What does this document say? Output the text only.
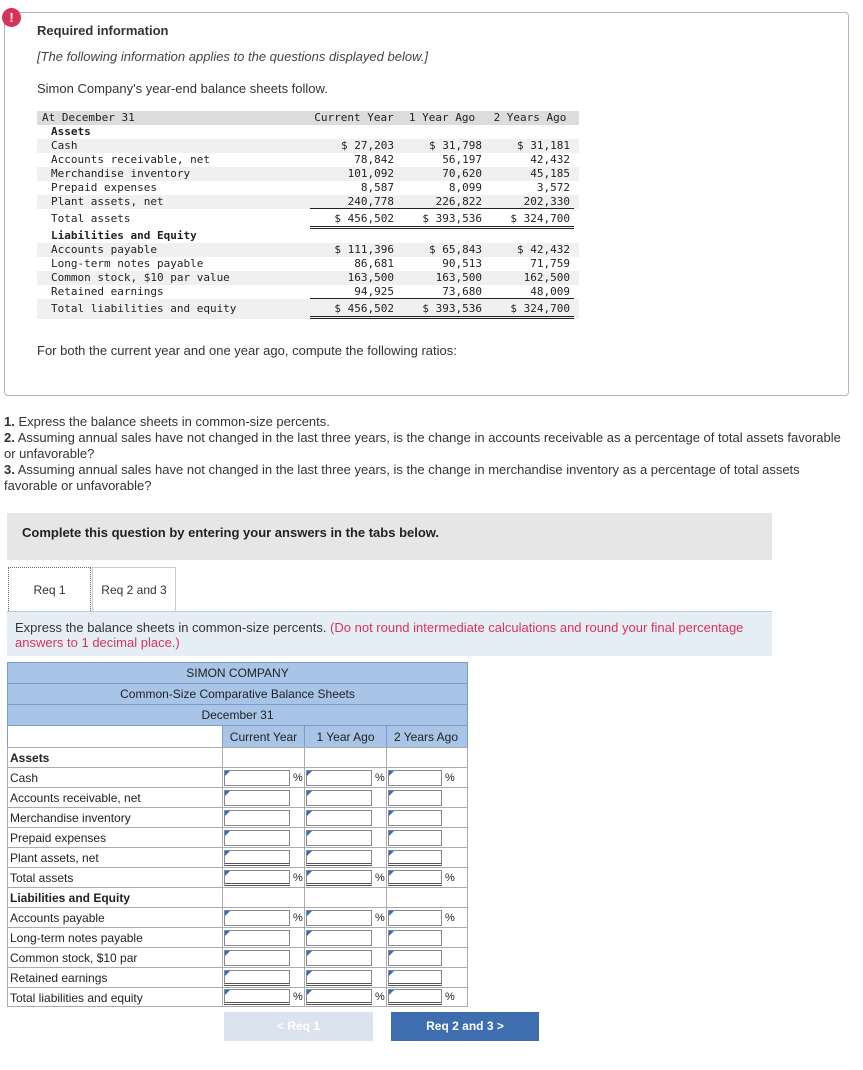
!
Required information
[The following information applies to the questions displayed below.]
Simon Company's year-end balance sheets follow.
At December 31	Current Year	1 Year Ago	2 Years Ago
Assets
Cash	$ 27,203	$ 31,798	$ 31,181
Accounts receivable, net	78,842	56,197	42,432
Merchandise inventory	101,092	70,620	45,185
Prepaid expenses	8,587	8,099	3,572
Plant assets, net	240,778	226,822	202,330
Total assets	$ 456,502	$ 393,536	$ 324,700
Liabilities and Equity
Accounts payable	$ 111,396	$ 65,843	$ 42,432
Long-term notes payable	86,681	90,513	71,759
Common stock, $10 par value	163,500	163,500	162,500
Retained earnings	94,925	73,680	48,009
Total liabilities and equity	$ 456,502	$ 393,536	$ 324,700
For both the current year and one year ago, compute the following ratios:
1. Express the balance sheets in common-size percents.
2. Assuming annual sales have not changed in the last three years, is the change in accounts receivable as a percentage of total assets favorable or unfavorable?
3. Assuming annual sales have not changed in the last three years, is the change in merchandise inventory as a percentage of total assets favorable or unfavorable?
Complete this question by entering your answers in the tabs below.
Req 1	Req 2 and 3
Express the balance sheets in common-size percents. (Do not round intermediate calculations and round your final percentage answers to 1 decimal place.)
SIMON COMPANY
Common-Size Comparative Balance Sheets
December 31
Current Year	1 Year Ago	2 Years Ago
Assets
Cash	%	%	%
Accounts receivable, net
Merchandise inventory
Prepaid expenses
Plant assets, net
Total assets	%	%	%
Liabilities and Equity
Accounts payable	%	%	%
Long-term notes payable
Common stock, $10 par
Retained earnings
Total liabilities and equity	%	%	%
< Req 1	Req 2 and 3 >
